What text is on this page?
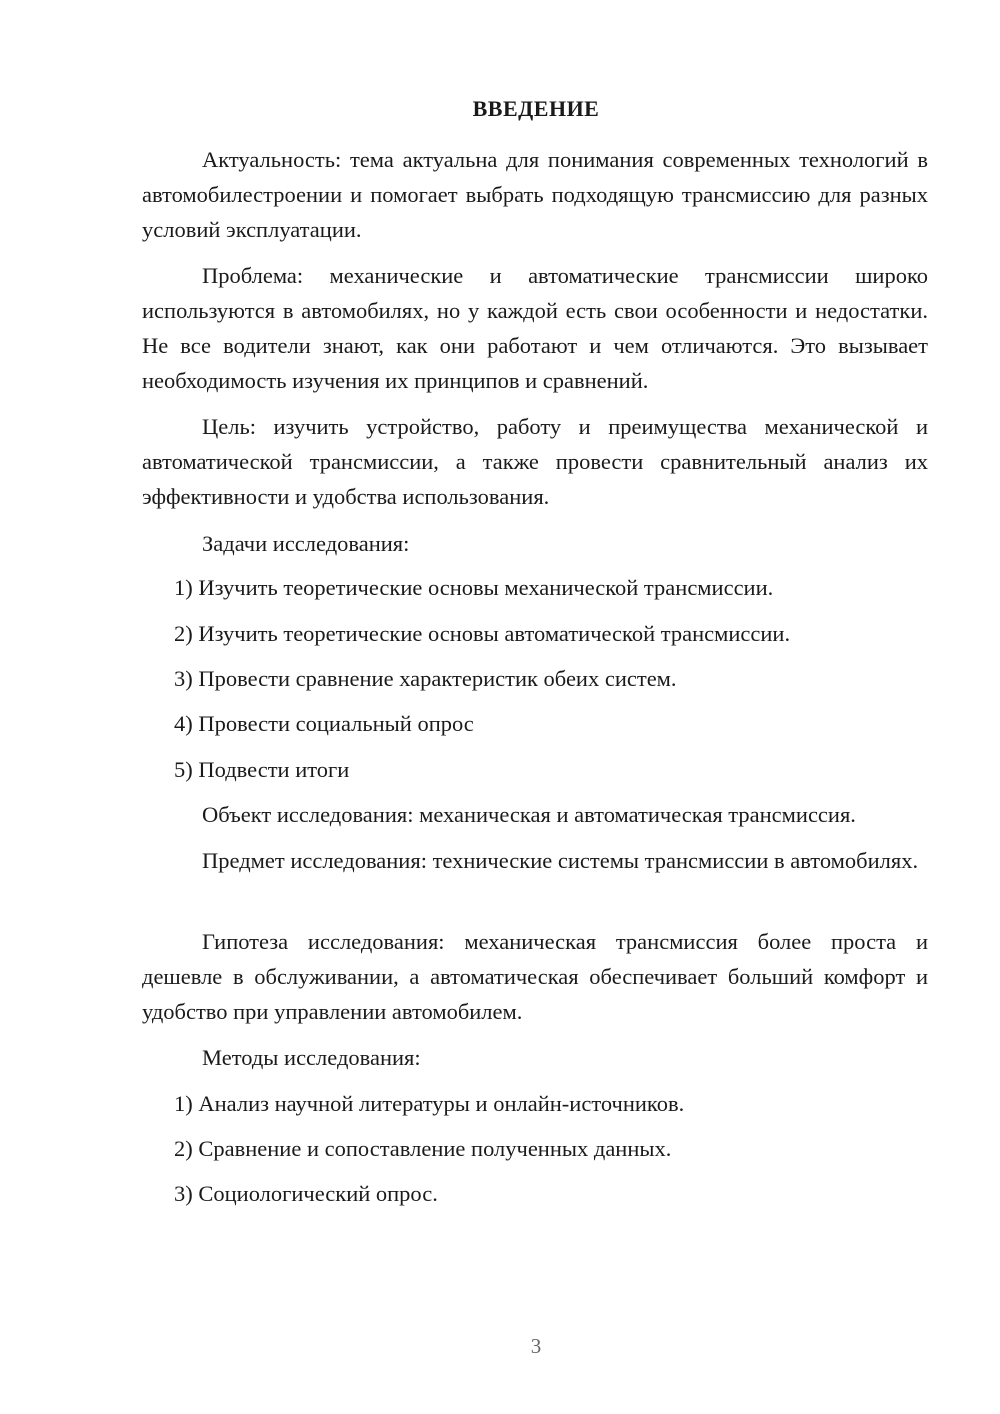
ВВЕДЕНИЕ

Актуальность: тема актуальна для понимания современных технологий в автомобилестроении и помогает выбрать подходящую трансмиссию для разных условий эксплуатации.

Проблема: механические и автоматические трансмиссии широко используются в автомобилях, но у каждой есть свои особенности и недостатки. Не все водители знают, как они работают и чем отличаются. Это вызывает необходимость изучения их принципов и сравнений.

Цель: изучить устройство, работу и преимущества механической и автоматической трансмиссии, а также провести сравнительный анализ их эффективности и удобства использования.

Задачи исследования:

1) Изучить теоретические основы механической трансмиссии.

2) Изучить теоретические основы автоматической трансмиссии.

3) Провести сравнение характеристик обеих систем.

4) Провести социальный опрос

5) Подвести итоги

Объект исследования: механическая и автоматическая трансмиссия.

Предмет исследования: технические системы трансмиссии в автомобилях.

Гипотеза исследования: механическая трансмиссия более проста и дешевле в обслуживании, а автоматическая обеспечивает больший комфорт и удобство при управлении автомобилем.

Методы исследования:

1) Анализ научной литературы и онлайн-источников.

2) Сравнение и сопоставление полученных данных.

3) Социологический опрос.

3
